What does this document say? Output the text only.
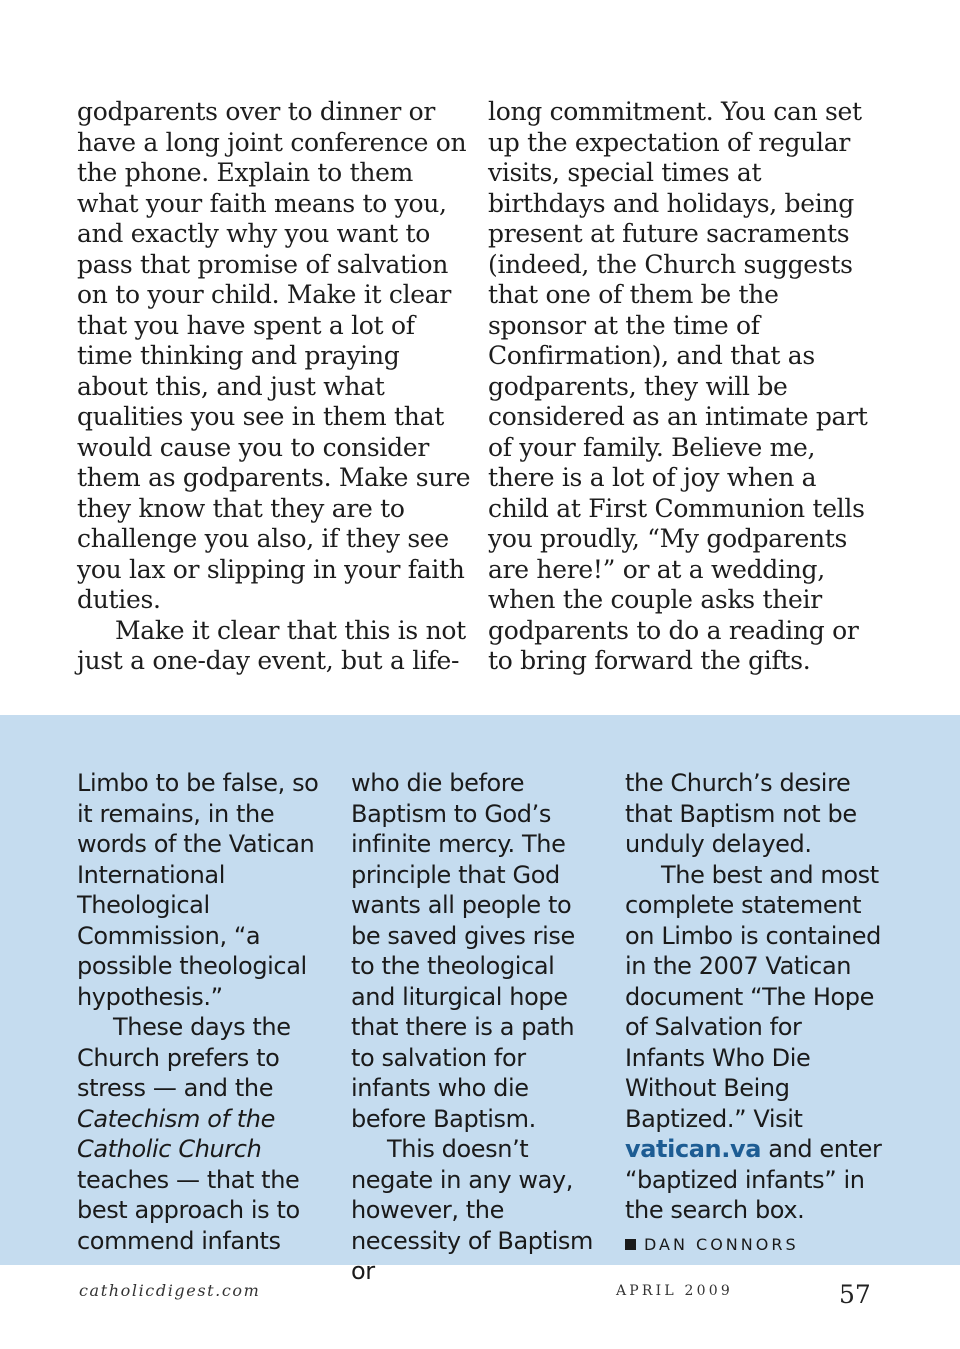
godparents over to dinner or have a long joint conference on the phone. Explain to them what your faith means to you, and exactly why you want to pass that promise of salvation on to your child. Make it clear that you have spent a lot of time thinking and praying about this, and just what qualities you see in them that would cause you to consider them as godparents. Make sure they know that they are to challenge you also, if they see you lax or slipping in your faith duties.

Make it clear that this is not just a one-day event, but a life-

long commitment. You can set up the expectation of regular visits, special times at birthdays and holidays, being present at future sacraments (indeed, the Church suggests that one of them be the sponsor at the time of Confirmation), and that as godparents, they will be considered as an intimate part of your family. Believe me, there is a lot of joy when a child at First Communion tells you proudly, “My godparents are here!” or at a wedding, when the couple asks their godparents to do a reading or to bring forward the gifts.

Limbo to be false, so it remains, in the words of the Vatican International Theological Commission, “a possible theological hypothesis.”

These days the Church prefers to stress — and the Catechism of the Catholic Church teaches — that the best approach is to commend infants

who die before Baptism to God’s infinite mercy. The principle that God wants all people to be saved gives rise to the theological and liturgical hope that there is a path to salvation for infants who die before Baptism.

This doesn’t negate in any way, however, the necessity of Baptism or

the Church’s desire that Baptism not be unduly delayed.

The best and most complete statement on Limbo is contained in the 2007 Vatican document “The Hope of Salvation for Infants Who Die Without Being Baptized.” Visit vatican.va and enter “baptized infants” in the search box.

DAN CONNORS
catholicdigest.com	APRIL 2009	57
